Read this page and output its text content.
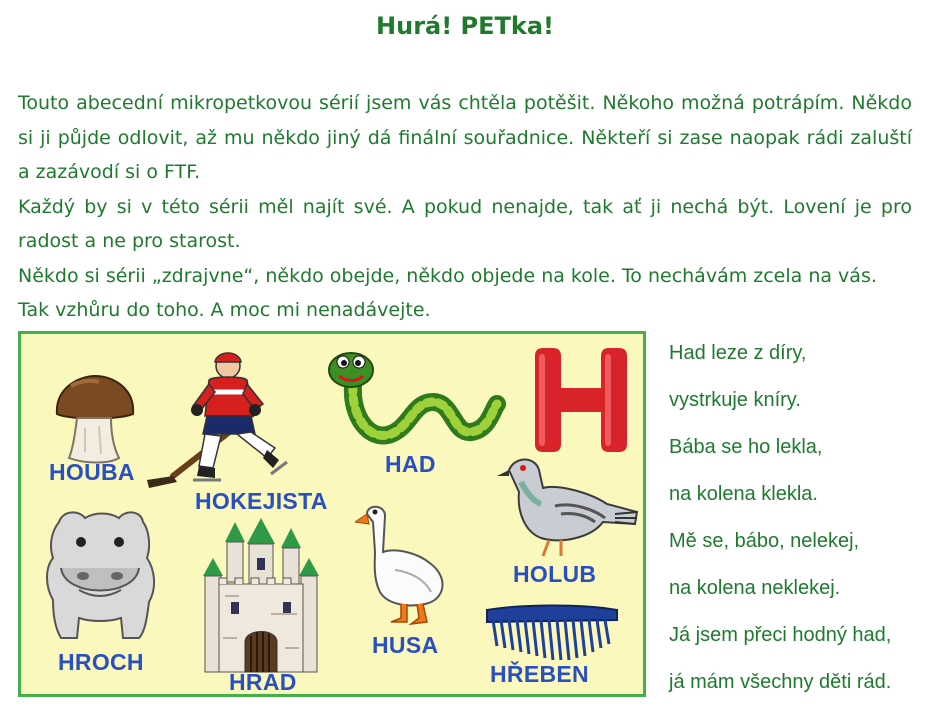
Hurá! PETka!

Touto abecední mikropetkovou sérií jsem vás chtěla potěšit. Někoho možná potrápím. Někdo si ji půjde odlovit, až mu někdo jiný dá finální souřadnice. Někteří si zase naopak rádi zaluští a zazávodí si o FTF.

Každý by si v této sérii měl najít své. A pokud nenajde, tak ať ji nechá být. Lovení je pro radost a ne pro starost.

Někdo si sérii „zdrajvne“, někdo obejde, někdo objede na kole. To nechávám zcela na vás. Tak vzhůru do toho. A moc mi nenadávejte.

HOUBA
HOKEJISTA
HAD
HOLUB
HROCH
HRAD
HUSA
HŘEBEN
Had leze z díry,
vystrkuje kníry.
Bába se ho lekla,
na kolena klekla.
Mě se, bábo, nelekej,
na kolena neklekej.
Já jsem přeci hodný had,
já mám všechny děti rád.
